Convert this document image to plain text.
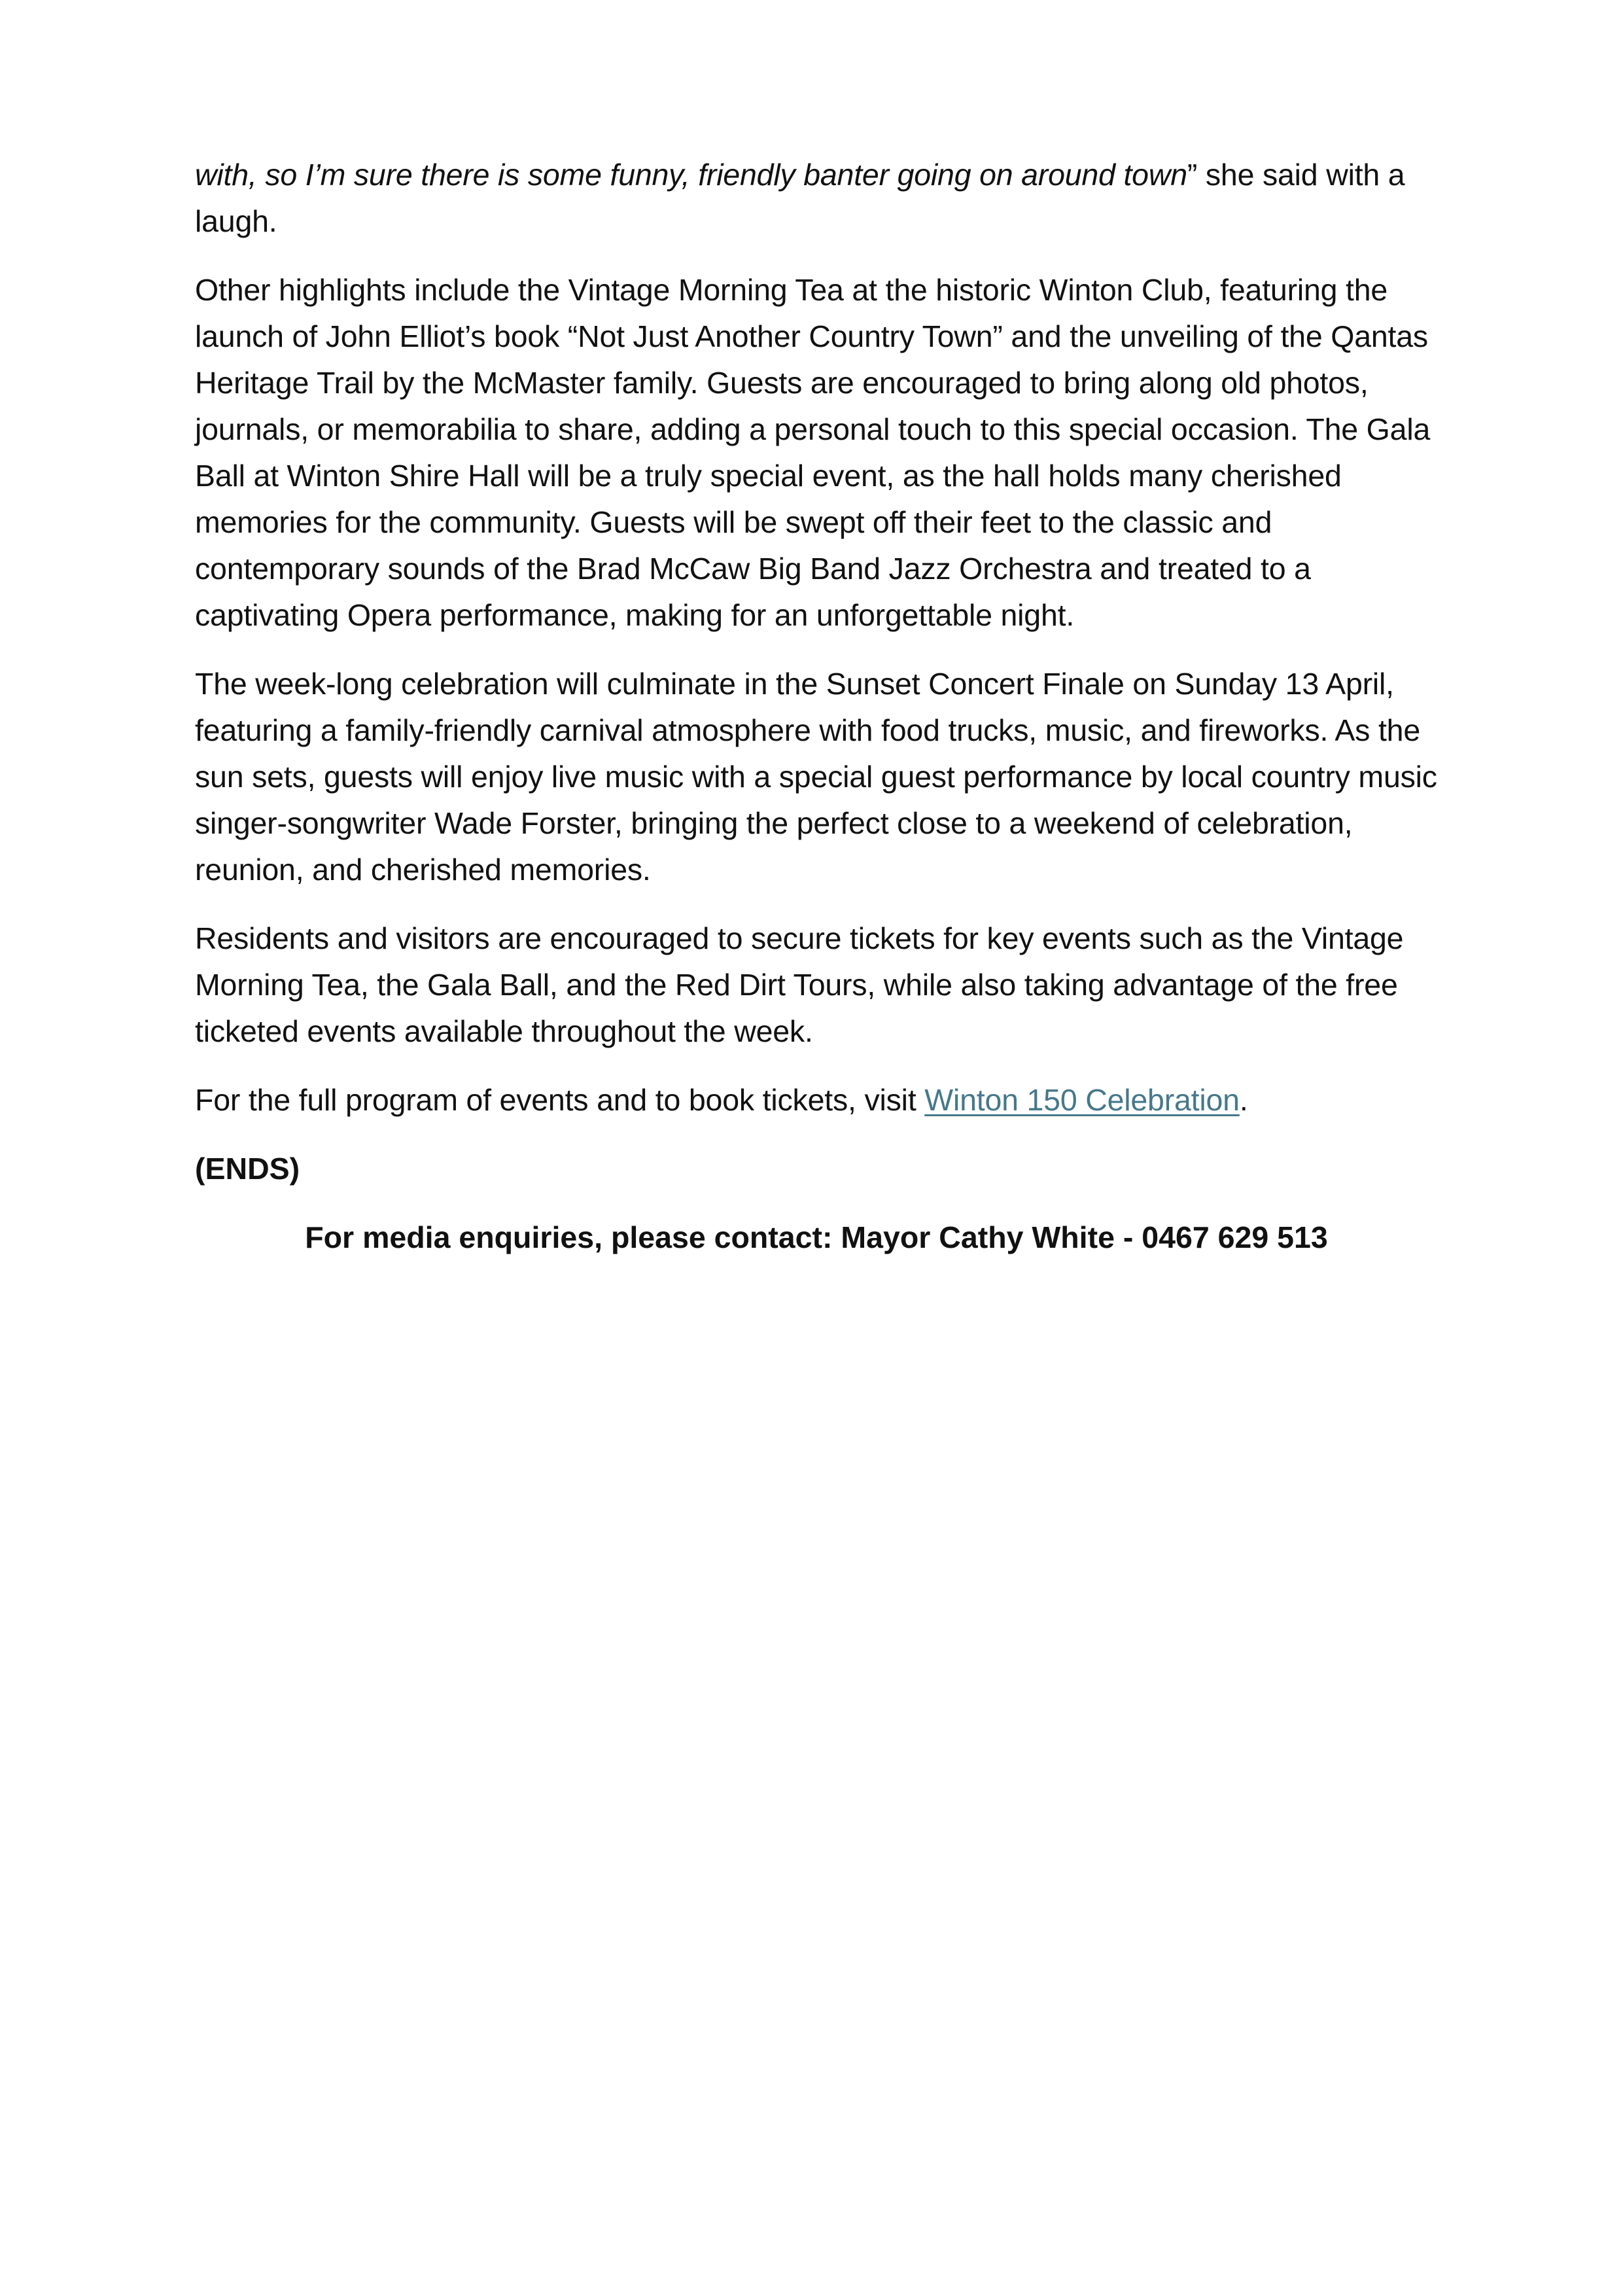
with, so I’m sure there is some funny, friendly banter going on around town” she said with a laugh.

Other highlights include the Vintage Morning Tea at the historic Winton Club, featuring the launch of John Elliot’s book “Not Just Another Country Town” and the unveiling of the Qantas Heritage Trail by the McMaster family. Guests are encouraged to bring along old photos, journals, or memorabilia to share, adding a personal touch to this special occasion. The Gala Ball at Winton Shire Hall will be a truly special event, as the hall holds many cherished memories for the community. Guests will be swept off their feet to the classic and contemporary sounds of the Brad McCaw Big Band Jazz Orchestra and treated to a captivating Opera performance, making for an unforgettable night.

The week-long celebration will culminate in the Sunset Concert Finale on Sunday 13 April, featuring a family-friendly carnival atmosphere with food trucks, music, and fireworks. As the sun sets, guests will enjoy live music with a special guest performance by local country music singer-songwriter Wade Forster, bringing the perfect close to a weekend of celebration, reunion, and cherished memories.

Residents and visitors are encouraged to secure tickets for key events such as the Vintage Morning Tea, the Gala Ball, and the Red Dirt Tours, while also taking advantage of the free ticketed events available throughout the week.

For the full program of events and to book tickets, visit Winton 150 Celebration.

(ENDS)

For media enquiries, please contact: Mayor Cathy White - 0467 629 513
